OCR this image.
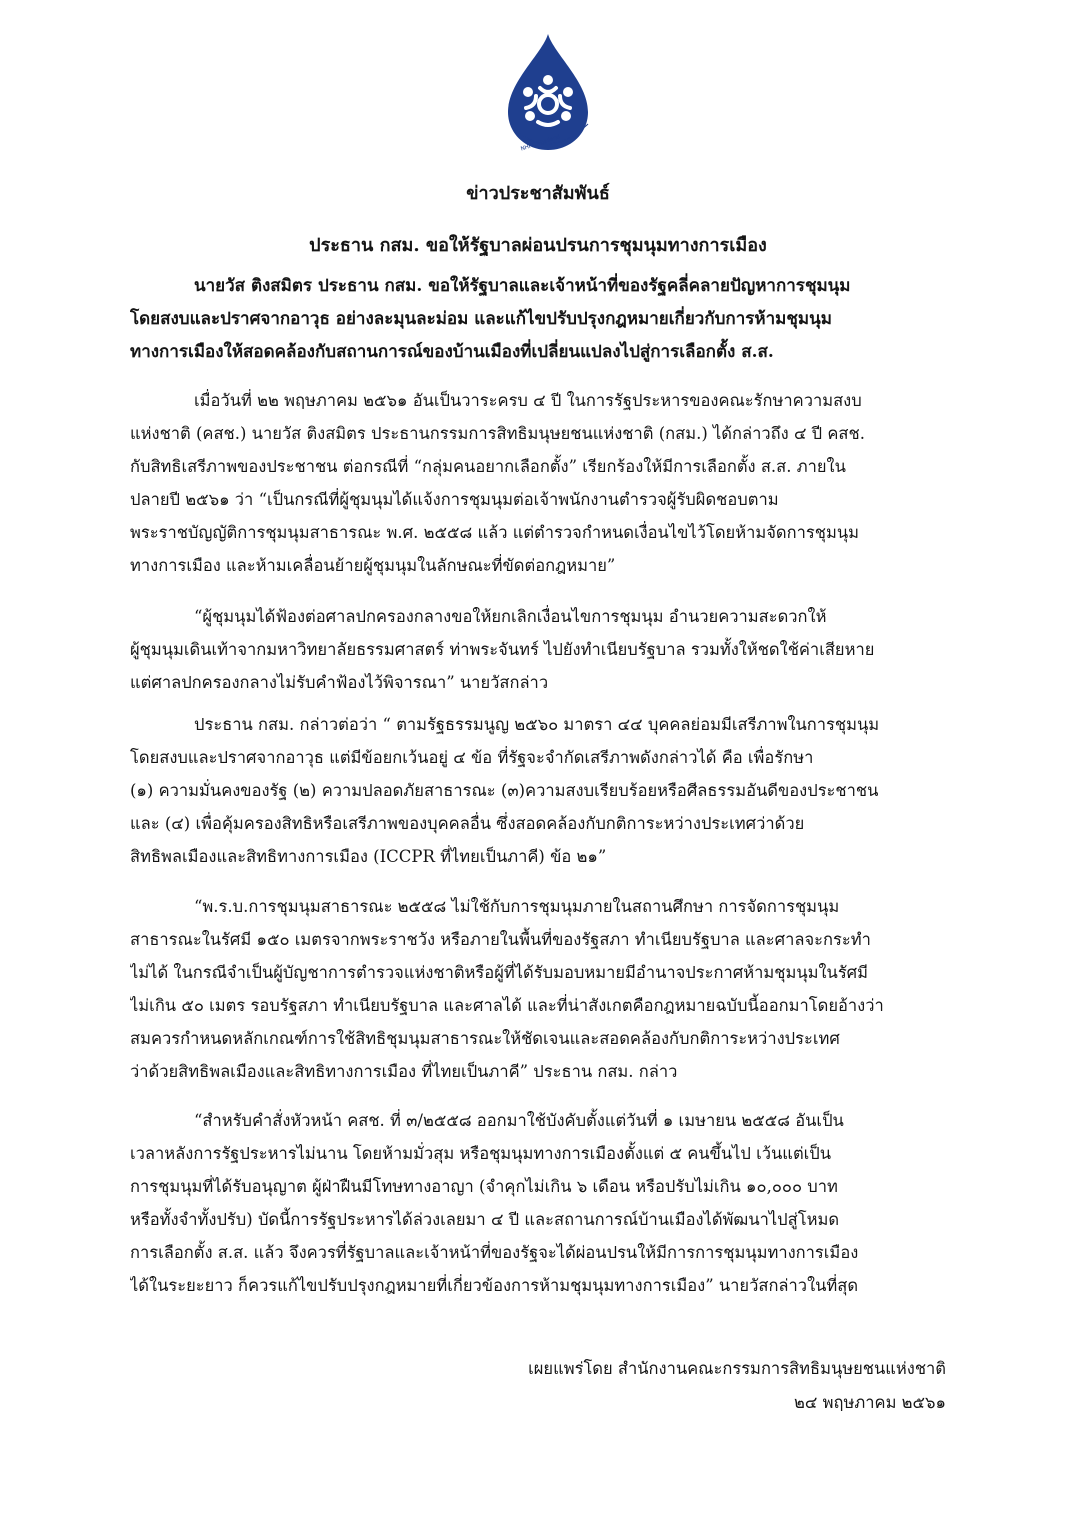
NHRC Thailand
ข่าวประชาสัมพันธ์
ประธาน กสม. ขอให้รัฐบาลผ่อนปรนการชุมนุมทางการเมือง
นายวัส ติงสมิตร ประธาน กสม. ขอให้รัฐบาลและเจ้าหน้าที่ของรัฐคลี่คลายปัญหาการชุมนุม
โดยสงบและปราศจากอาวุธ อย่างละมุนละม่อม และแก้ไขปรับปรุงกฎหมายเกี่ยวกับการห้ามชุมนุม
ทางการเมืองให้สอดคล้องกับสถานการณ์ของบ้านเมืองที่เปลี่ยนแปลงไปสู่การเลือกตั้ง ส.ส.
เมื่อวันที่ ๒๒ พฤษภาคม ๒๕๖๑ อันเป็นวาระครบ ๔ ปี ในการรัฐประหารของคณะรักษาความสงบ
แห่งชาติ (คสช.) นายวัส ติงสมิตร ประธานกรรมการสิทธิมนุษยชนแห่งชาติ (กสม.) ได้กล่าวถึง ๔ ปี คสช.
กับสิทธิเสรีภาพของประชาชน ต่อกรณีที่ “กลุ่มคนอยากเลือกตั้ง” เรียกร้องให้มีการเลือกตั้ง ส.ส. ภายใน
ปลายปี ๒๕๖๑ ว่า “เป็นกรณีที่ผู้ชุมนุมได้แจ้งการชุมนุมต่อเจ้าพนักงานตำรวจผู้รับผิดชอบตาม
พระราชบัญญัติการชุมนุมสาธารณะ พ.ศ. ๒๕๕๘ แล้ว แต่ตำรวจกำหนดเงื่อนไขไว้โดยห้ามจัดการชุมนุม
ทางการเมือง และห้ามเคลื่อนย้ายผู้ชุมนุมในลักษณะที่ขัดต่อกฎหมาย”
“ผู้ชุมนุมได้ฟ้องต่อศาลปกครองกลางขอให้ยกเลิกเงื่อนไขการชุมนุม อำนวยความสะดวกให้
ผู้ชุมนุมเดินเท้าจากมหาวิทยาลัยธรรมศาสตร์ ท่าพระจันทร์ ไปยังทำเนียบรัฐบาล รวมทั้งให้ชดใช้ค่าเสียหาย
แต่ศาลปกครองกลางไม่รับคำฟ้องไว้พิจารณา” นายวัสกล่าว
ประธาน กสม. กล่าวต่อว่า “ ตามรัฐธรรมนูญ ๒๕๖๐ มาตรา ๔๔ บุคคลย่อมมีเสรีภาพในการชุมนุม
โดยสงบและปราศจากอาวุธ แต่มีข้อยกเว้นอยู่ ๔ ข้อ ที่รัฐจะจำกัดเสรีภาพดังกล่าวได้ คือ เพื่อรักษา
(๑) ความมั่นคงของรัฐ (๒) ความปลอดภัยสาธารณะ (๓)ความสงบเรียบร้อยหรือศีลธรรมอันดีของประชาชน
และ (๔) เพื่อคุ้มครองสิทธิหรือเสรีภาพของบุคคลอื่น ซึ่งสอดคล้องกับกติการะหว่างประเทศว่าด้วย
สิทธิพลเมืองและสิทธิทางการเมือง (ICCPR ที่ไทยเป็นภาคี) ข้อ ๒๑”
“พ.ร.บ.การชุมนุมสาธารณะ ๒๕๕๘ ไม่ใช้กับการชุมนุมภายในสถานศึกษา การจัดการชุมนุม
สาธารณะในรัศมี ๑๕๐ เมตรจากพระราชวัง หรือภายในพื้นที่ของรัฐสภา ทำเนียบรัฐบาล และศาลจะกระทำ
ไม่ได้ ในกรณีจำเป็นผู้บัญชาการตำรวจแห่งชาติหรือผู้ที่ได้รับมอบหมายมีอำนาจประกาศห้ามชุมนุมในรัศมี
ไม่เกิน ๕๐ เมตร รอบรัฐสภา ทำเนียบรัฐบาล และศาลได้ และที่น่าสังเกตคือกฎหมายฉบับนี้ออกมาโดยอ้างว่า
สมควรกำหนดหลักเกณฑ์การใช้สิทธิชุมนุมสาธารณะให้ชัดเจนและสอดคล้องกับกติการะหว่างประเทศ
ว่าด้วยสิทธิพลเมืองและสิทธิทางการเมือง ที่ไทยเป็นภาคี” ประธาน กสม. กล่าว
“สำหรับคำสั่งหัวหน้า คสช. ที่ ๓/๒๕๕๘ ออกมาใช้บังคับตั้งแต่วันที่ ๑ เมษายน ๒๕๕๘ อันเป็น
เวลาหลังการรัฐประหารไม่นาน โดยห้ามมั่วสุม หรือชุมนุมทางการเมืองตั้งแต่ ๕ คนขึ้นไป เว้นแต่เป็น
การชุมนุมที่ได้รับอนุญาต ผู้ฝ่าฝืนมีโทษทางอาญา (จำคุกไม่เกิน ๖ เดือน หรือปรับไม่เกิน ๑๐,๐๐๐ บาท
หรือทั้งจำทั้งปรับ) บัดนี้การรัฐประหารได้ล่วงเลยมา ๔ ปี และสถานการณ์บ้านเมืองได้พัฒนาไปสู่โหมด
การเลือกตั้ง ส.ส. แล้ว จึงควรที่รัฐบาลและเจ้าหน้าที่ของรัฐจะได้ผ่อนปรนให้มีการการชุมนุมทางการเมือง
ได้ในระยะยาว ก็ควรแก้ไขปรับปรุงกฎหมายที่เกี่ยวข้องการห้ามชุมนุมทางการเมือง” นายวัสกล่าวในที่สุด
เผยแพร่โดย สำนักงานคณะกรรมการสิทธิมนุษยชนแห่งชาติ
๒๔ พฤษภาคม ๒๕๖๑
